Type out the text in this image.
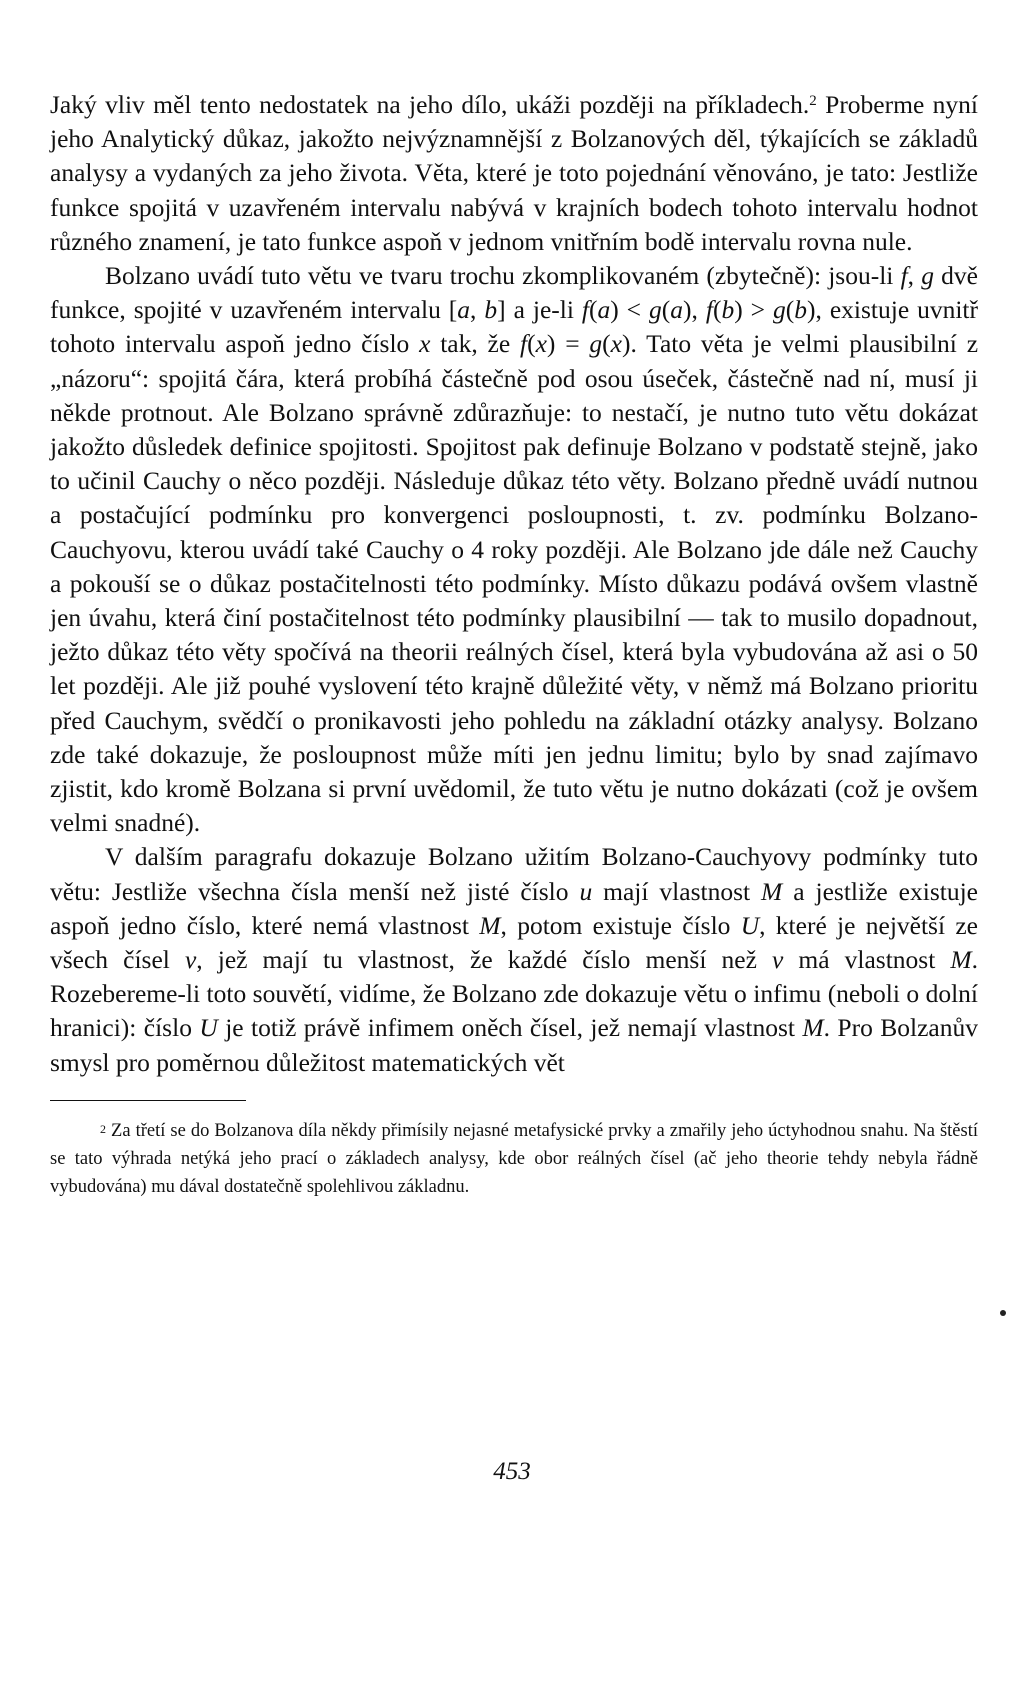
Jaký vliv měl tento nedostatek na jeho dílo, ukáži později na příkladech.$^2$ Proberme nyní jeho Analytický důkaz, jakožto nejvýznamnější z Bolzanových děl, týkajících se základů analysy a vydaných za jeho života. Věta, které je toto pojednání věnováno, je tato: Jestliže funkce spojitá v uzavřeném intervalu nabývá v krajních bodech tohoto intervalu hodnot různého znamení, je tato funkce aspoň v jednom vnitřním bodě intervalu rovna nule.

Bolzano uvádí tuto větu ve tvaru trochu zkomplikovaném (zbytečně): jsou-li f, g dvě funkce, spojité v uzavřeném intervalu [a, b] a je-li f(a) < g(a), f(b) > g(b), existuje uvnitř tohoto intervalu aspoň jedno číslo x tak, že f(x) = g(x). Tato věta je velmi plausibilní z „názoru“: spojitá čára, která probíhá částečně pod osou úseček, částečně nad ní, musí ji někde protnout. Ale Bolzano správně zdůrazňuje: to nestačí, je nutno tuto větu dokázat jakožto důsledek definice spojitosti. Spojitost pak definuje Bolzano v podstatě stejně, jako to učinil Cauchy o něco později. Následuje důkaz této věty. Bolzano předně uvádí nutnou a postačující podmínku pro konvergenci posloupnosti, t. zv. podmínku Bolzano-Cauchyovu, kterou uvádí také Cauchy o 4 roky později. Ale Bolzano jde dále než Cauchy a pokouší se o důkaz postačitelnosti této podmínky. Místo důkazu podává ovšem vlastně jen úvahu, která činí postačitelnost této podmínky plausibilní — tak to musilo dopadnout, ježto důkaz této věty spočívá na theorii reálných čísel, která byla vybudována až asi o 50 let později. Ale již pouhé vyslovení této krajně důležité věty, v němž má Bolzano prioritu před Cauchym, svědčí o pronikavosti jeho pohledu na základní otázky analysy. Bolzano zde také dokazuje, že posloupnost může míti jen jednu limitu; bylo by snad zajímavo zjistit, kdo kromě Bolzana si první uvědomil, že tuto větu je nutno dokázati (což je ovšem velmi snadné).

V dalším paragrafu dokazuje Bolzano užitím Bolzano-Cauchyovy podmínky tuto větu: Jestliže všechna čísla menší než jisté číslo u mají vlastnost M a jestliže existuje aspoň jedno číslo, které nemá vlastnost M, potom existuje číslo U, které je největší ze všech čísel v, jež mají tu vlastnost, že každé číslo menší než v má vlastnost M. Rozebereme-li toto souvětí, vidíme, že Bolzano zde dokazuje větu o infimu (neboli o dolní hranici): číslo U je totiž právě infimem oněch čísel, jež nemají vlastnost M. Pro Bolzanův smysl pro poměrnou důležitost matematických vět

$^2$ Za třetí se do Bolzanova díla někdy přimísily nejasné metafysické prvky a zmařily jeho úctyhodnou snahu. Na štěstí se tato výhrada netýká jeho prací o základech analysy, kde obor reálných čísel (ač jeho theorie tehdy nebyla řádně vybudována) mu dával dostatečně spolehlivou základnu.

453
